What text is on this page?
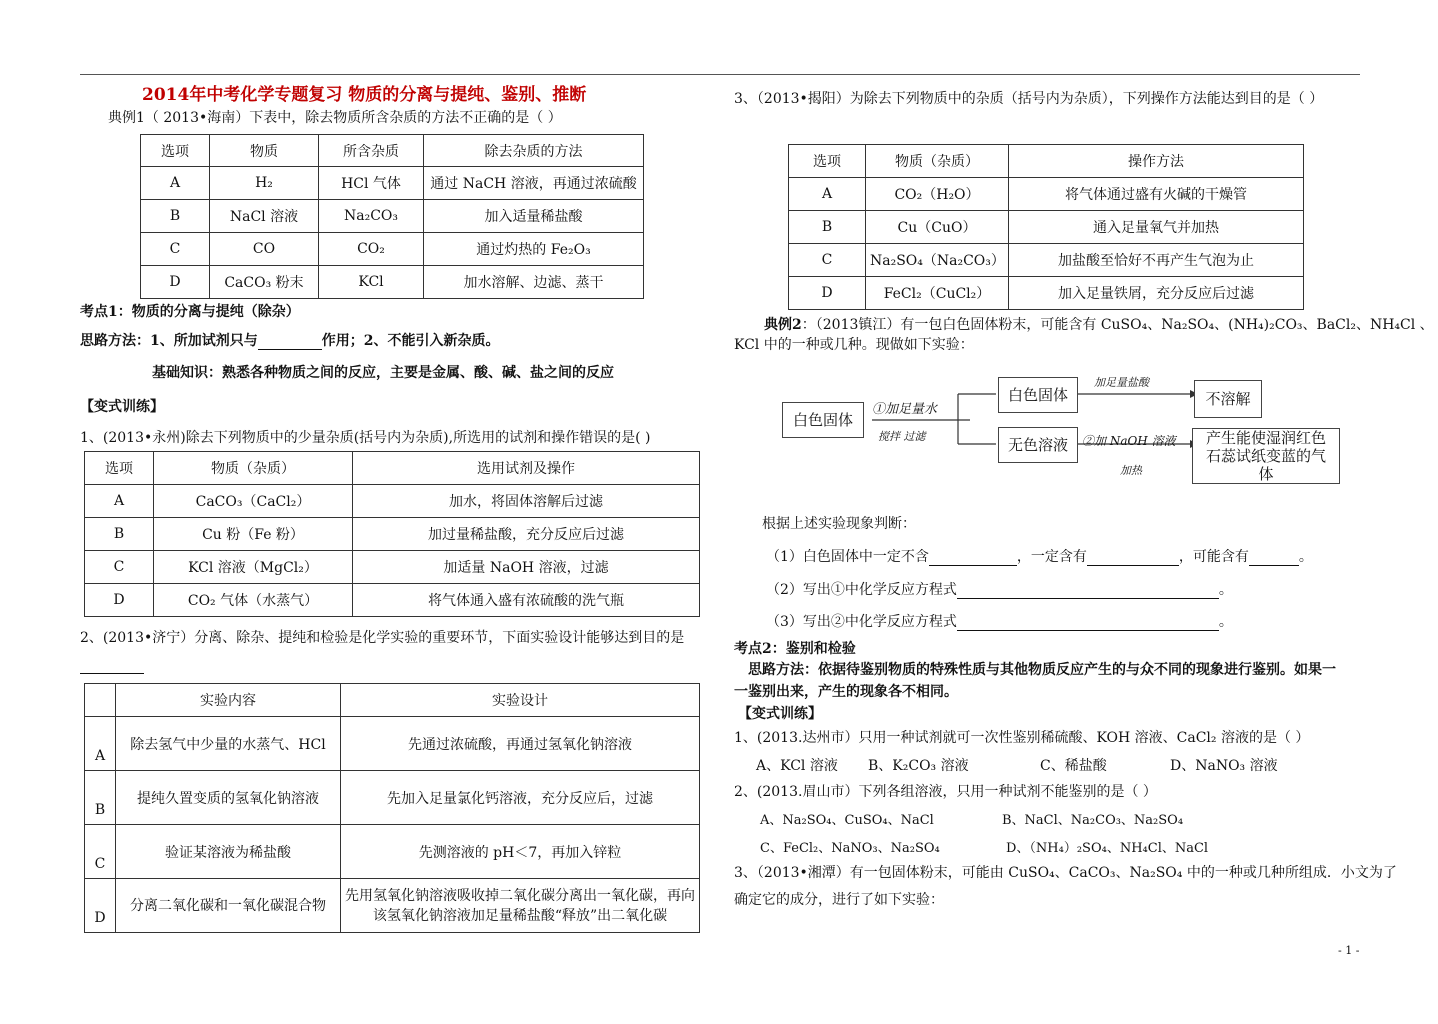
2014年中考化学专题复习 物质的分离与提纯、鉴别、推断
典例1（ 2013•海南）下表中，除去物质所含杂质的方法不正确的是（ ）
选项	物质	所含杂质	除去杂质的方法
A	H₂	HCl 气体	通过 NaCH 溶液，再通过浓硫酸
B	NaCl 溶液	Na₂CO₃	加入适量稀盐酸
C	CO	CO₂	通过灼热的 Fe₂O₃
D	CaCO₃ 粉末	KCl	加水溶解、边滤、蒸干
考点1：物质的分离与提纯（除杂）
思路方法：1、所加试剂只与	作用；2、不能引入新杂质。
基础知识：熟悉各种物质之间的反应，主要是金属、酸、碱、盐之间的反应
【变式训练】
1、(2013•永州)除去下列物质中的少量杂质(括号内为杂质),所选用的试剂和操作错误的是( )
选项	物质（杂质）	选用试剂及操作
A	CaCO₃（CaCl₂）	加水，将固体溶解后过滤
B	Cu 粉（Fe 粉）	加过量稀盐酸，充分反应后过滤
C	KCl 溶液（MgCl₂）	加适量 NaOH 溶液，过滤
D	CO₂ 气体（水蒸气）	将气体通入盛有浓硫酸的洗气瓶
2、(2013•济宁）分离、除杂、提纯和检验是化学实验的重要环节，下面实验设计能够达到目的是
	实验内容	实验设计
A	除去氢气中少量的水蒸气、HCl	先通过浓硫酸，再通过氢氧化钠溶液
B	提纯久置变质的氢氧化钠溶液	先加入足量氯化钙溶液，充分反应后，过滤
C	验证某溶液为稀盐酸	先测溶液的 pH＜7，再加入锌粒
D	分离二氧化碳和一氧化碳混合物	先用氢氧化钠溶液吸收掉二氧化碳分离出一氧化碳，再向该氢氧化钠溶液加足量稀盐酸“释放”出二氧化碳
3、（2013•揭阳）为除去下列物质中的杂质（括号内为杂质），下列操作方法能达到目的是（ ）
选项	物质（杂质）	操作方法
A	CO₂（H₂O）	将气体通过盛有火碱的干燥管
B	Cu（CuO）	通入足量氧气并加热
C	Na₂SO₄（Na₂CO₃）	加盐酸至恰好不再产生气泡为止
D	FeCl₂（CuCl₂）	加入足量铁屑，充分反应后过滤
典例2：（2013镇江）有一包白色固体粉末，可能含有 CuSO₄、Na₂SO₄、(NH₄)₂CO₃、BaCl₂、NH₄Cl 、
KCl 中的一种或几种。现做如下实验：
白色固体
①加足量水
搅拌 过滤
白色固体
加足量盐酸
不溶解
无色溶液	②加 NaOH 溶液
加热
产生能使湿润红色石蕊试纸变蓝的气体
根据上述实验现象判断：
（1）白色固体中一定不含	，一定含有	，可能含有	。
（2）写出①中化学反应方程式	。
（3）写出②中化学反应方程式	。
考点2：鉴别和检验
思路方法：依据待鉴别物质的特殊性质与其他物质反应产生的与众不同的现象进行鉴别。如果一
一鉴别出来，产生的现象各不相同。
【变式训练】
1、(2013.达州市）只用一种试剂就可一次性鉴别稀硫酸、KOH 溶液、CaCl₂ 溶液的是（ ）
A、KCl 溶液 B、K₂CO₃ 溶液	C、稀盐酸	D、NaNO₃ 溶液
2、(2013.眉山市）下列各组溶液，只用一种试剂不能鉴别的是（ ）
A、Na₂SO₄、CuSO₄、NaCl	B、NaCl、Na₂CO₃、Na₂SO₄
C、FeCl₂、NaNO₃、Na₂SO₄	D、（NH₄）₂SO₄、NH₄Cl、NaCl
3、（2013•湘潭）有一包固体粉末，可能由 CuSO₄、CaCO₃、Na₂SO₄ 中的一种或几种所组成．小文为了
确定它的成分，进行了如下实验：
- 1 -
